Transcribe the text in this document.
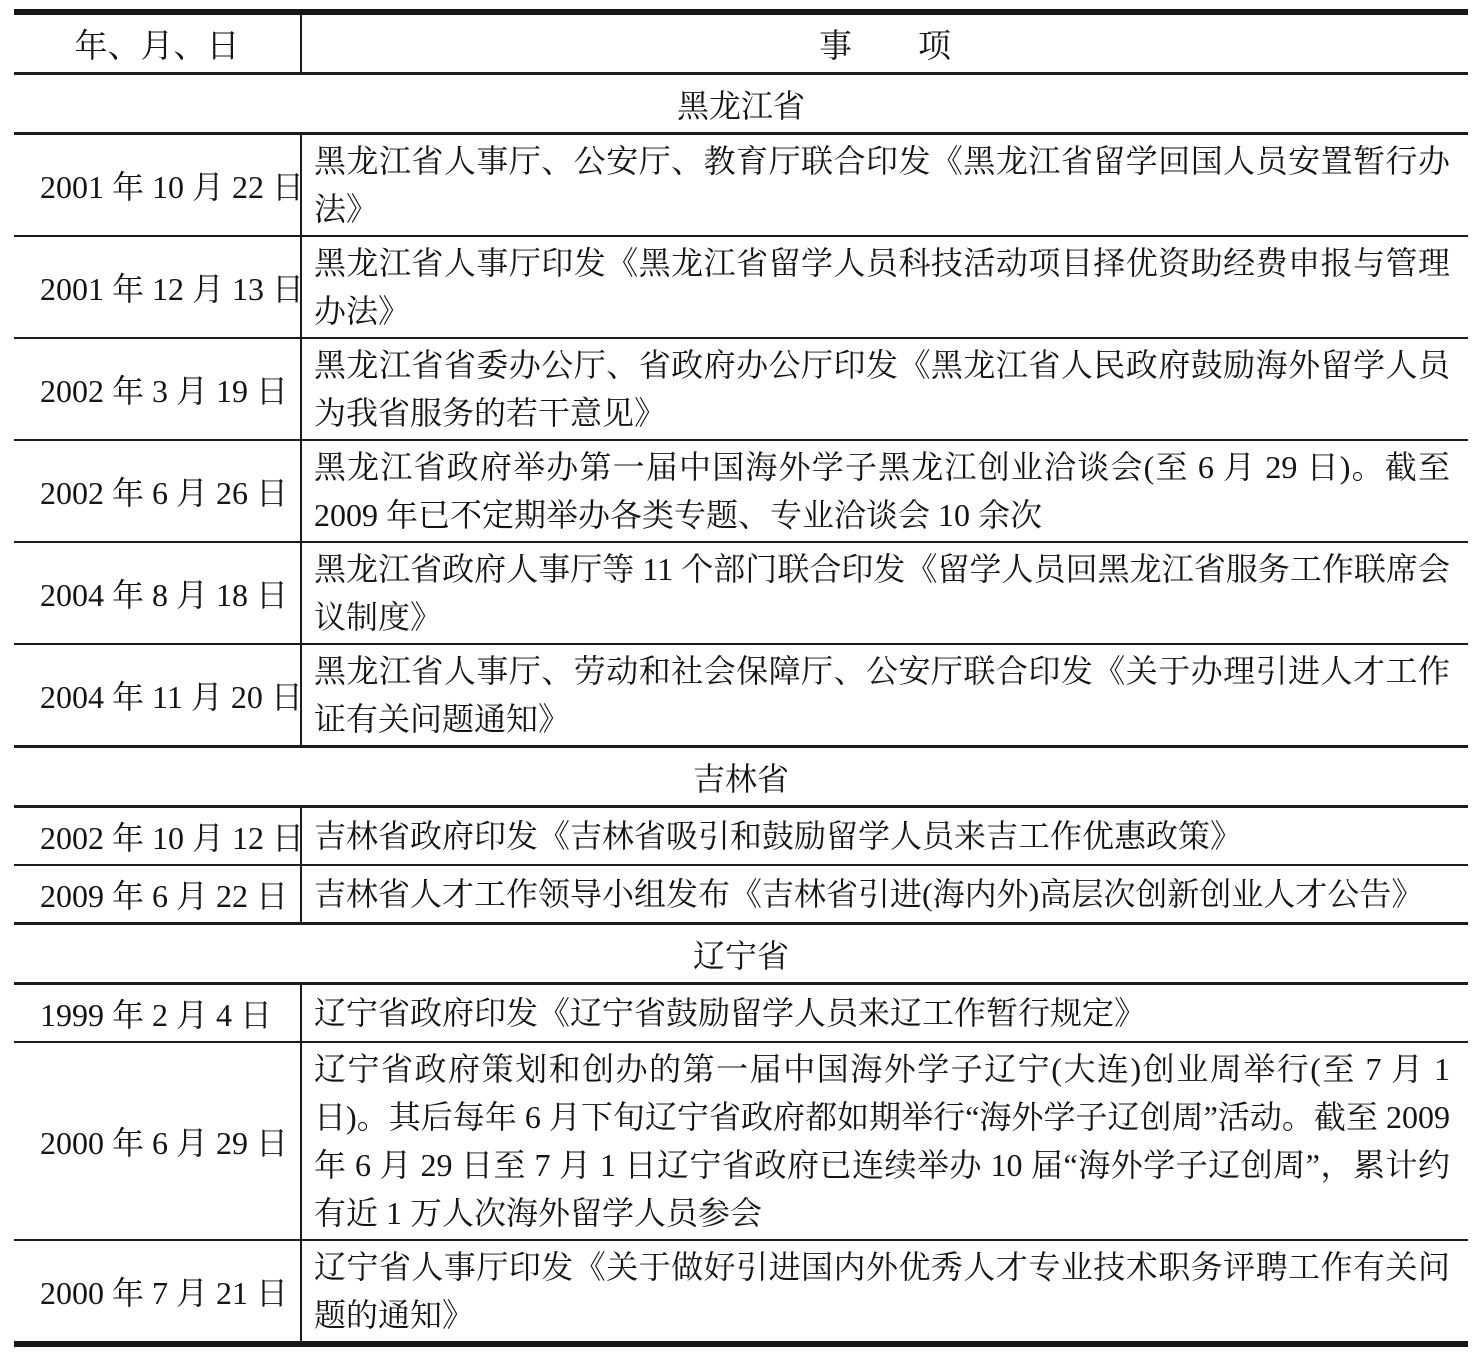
年、月、日	事　　项
黑龙江省
2001 年 10 月 22 日
黑龙江省人事厅、公安厅、教育厅联合印发《黑龙江省留学回国人员安置暂行办法》
2001 年 12 月 13 日
黑龙江省人事厅印发《黑龙江省留学人员科技活动项目择优资助经费申报与管理办法》
2002 年 3 月 19 日
黑龙江省省委办公厅、省政府办公厅印发《黑龙江省人民政府鼓励海外留学人员为我省服务的若干意见》
2002 年 6 月 26 日
黑龙江省政府举办第一届中国海外学子黑龙江创业洽谈会(至 6 月 29 日)。截至 2009 年已不定期举办各类专题、专业洽谈会 10 余次
2004 年 8 月 18 日
黑龙江省政府人事厅等 11 个部门联合印发《留学人员回黑龙江省服务工作联席会议制度》
2004 年 11 月 20 日
黑龙江省人事厅、劳动和社会保障厅、公安厅联合印发《关于办理引进人才工作证有关问题通知》
吉林省
2002 年 10 月 12 日 吉林省政府印发《吉林省吸引和鼓励留学人员来吉工作优惠政策》
2009 年 6 月 22 日 吉林省人才工作领导小组发布《吉林省引进(海内外)高层次创新创业人才公告》
辽宁省
1999 年 2 月 4 日	辽宁省政府印发《辽宁省鼓励留学人员来辽工作暂行规定》
2000 年 6 月 29 日
辽宁省政府策划和创办的第一届中国海外学子辽宁(大连)创业周举行(至 7 月 1 日)。其后每年 6 月下旬辽宁省政府都如期举行“海外学子辽创周”活动。截至 2009 年 6 月 29 日至 7 月 1 日辽宁省政府已连续举办 10 届“海外学子辽创周”，累计约有近 1 万人次海外留学人员参会
2000 年 7 月 21 日
辽宁省人事厅印发《关于做好引进国内外优秀人才专业技术职务评聘工作有关问题的通知》
